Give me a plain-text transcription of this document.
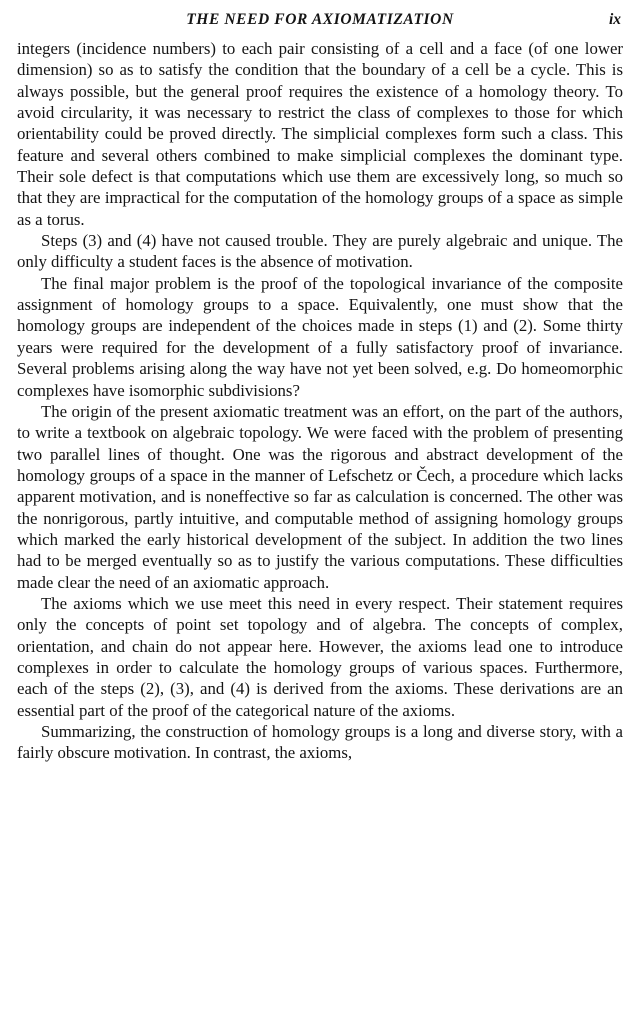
THE NEED FOR AXIOMATIZATION	ix

integers (incidence numbers) to each pair consisting of a cell and a face (of one lower dimension) so as to satisfy the condition that the boundary of a cell be a cycle. This is always possible, but the general proof requires the existence of a homology theory. To avoid circularity, it was necessary to restrict the class of complexes to those for which orientability could be proved directly. The simplicial complexes form such a class. This feature and several others combined to make simplicial complexes the dominant type. Their sole defect is that computations which use them are excessively long, so much so that they are impractical for the computation of the homology groups of a space as simple as a torus.

Steps (3) and (4) have not caused trouble. They are purely algebraic and unique. The only difficulty a student faces is the absence of motivation.

The final major problem is the proof of the topological invariance of the composite assignment of homology groups to a space. Equivalently, one must show that the homology groups are independent of the choices made in steps (1) and (2). Some thirty years were required for the development of a fully satisfactory proof of invariance. Several problems arising along the way have not yet been solved, e.g. Do homeomorphic complexes have isomorphic subdivisions?

The origin of the present axiomatic treatment was an effort, on the part of the authors, to write a textbook on algebraic topology. We were faced with the problem of presenting two parallel lines of thought. One was the rigorous and abstract development of the homology groups of a space in the manner of Lefschetz or Čech, a procedure which lacks apparent motivation, and is noneffective so far as calculation is concerned. The other was the nonrigorous, partly intuitive, and computable method of assigning homology groups which marked the early historical development of the subject. In addition the two lines had to be merged eventually so as to justify the various computations. These difficulties made clear the need of an axiomatic approach.

The axioms which we use meet this need in every respect. Their statement requires only the concepts of point set topology and of algebra. The concepts of complex, orientation, and chain do not appear here. However, the axioms lead one to introduce complexes in order to calculate the homology groups of various spaces. Furthermore, each of the steps (2), (3), and (4) is derived from the axioms. These derivations are an essential part of the proof of the categorical nature of the axioms.

Summarizing, the construction of homology groups is a long and diverse story, with a fairly obscure motivation. In contrast, the axioms,
